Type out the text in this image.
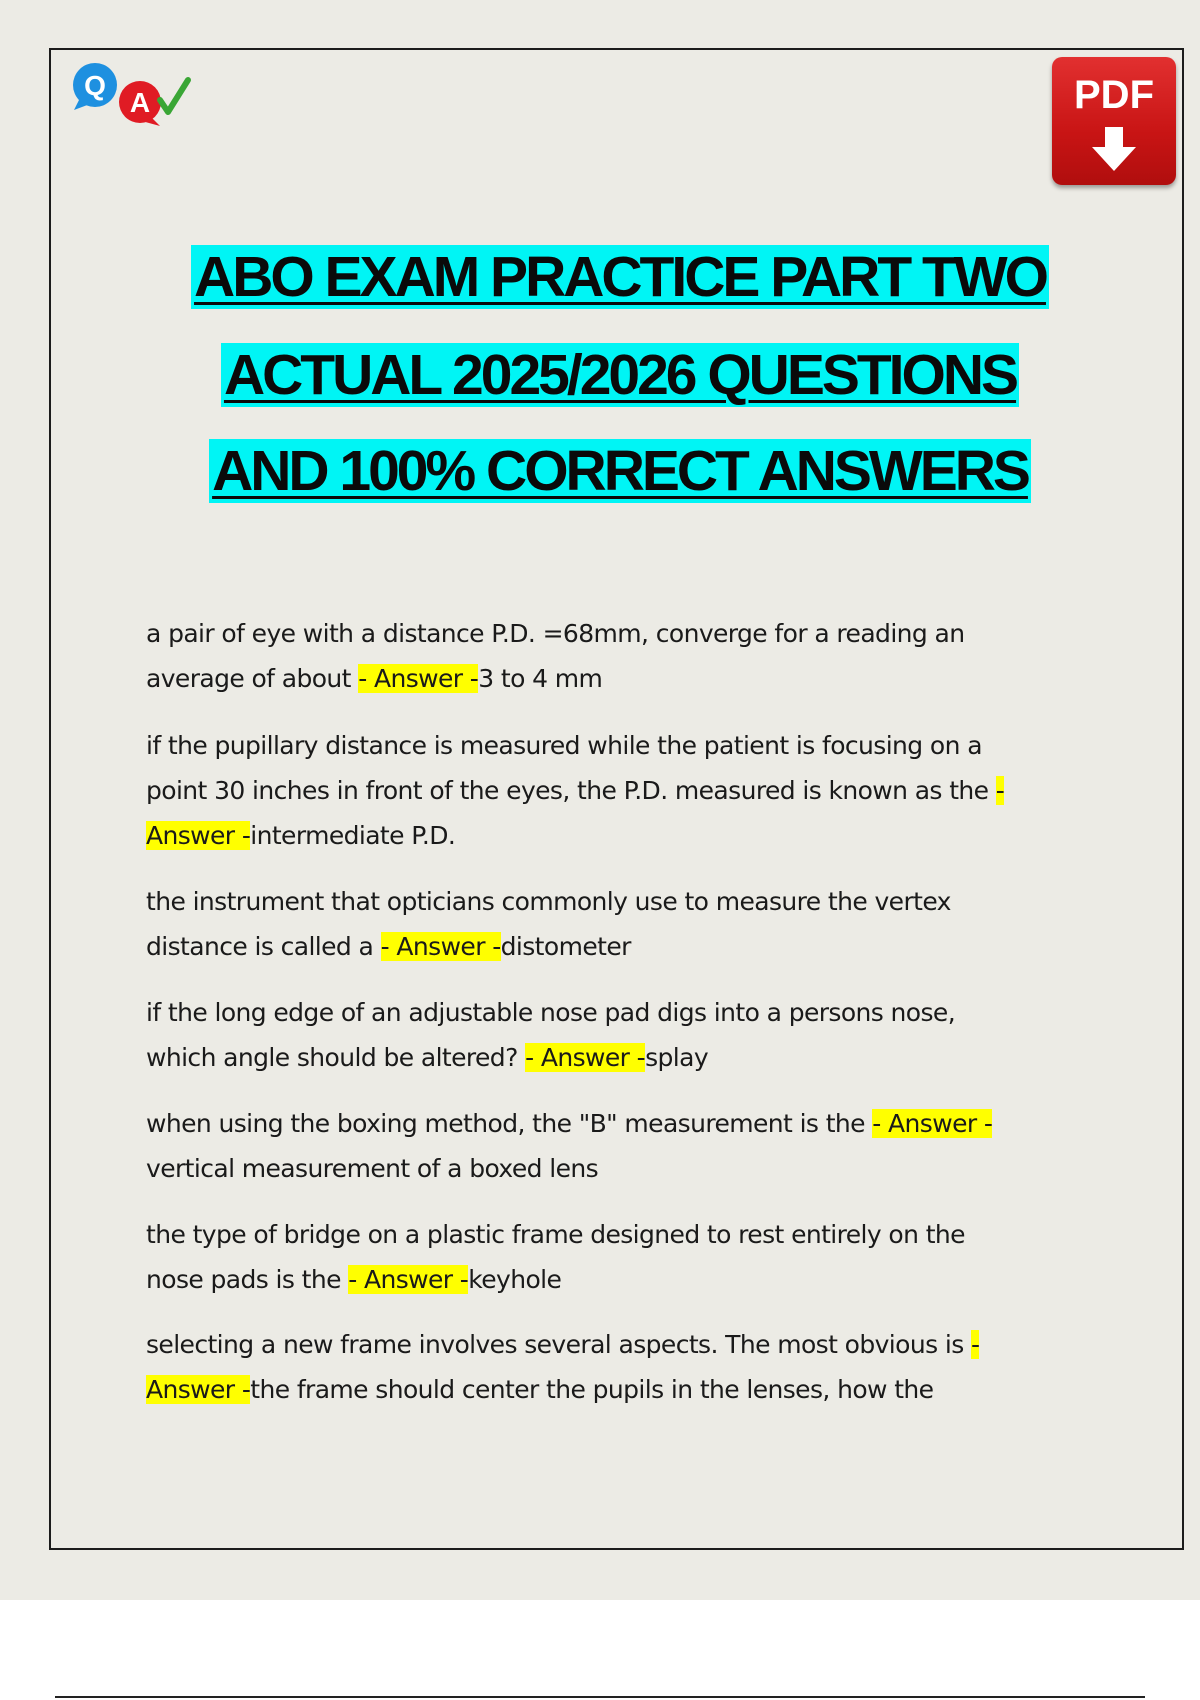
Q
A	PDF
ABO EXAM PRACTICE PART TWO
ACTUAL 2025/2026 QUESTIONS
AND 100% CORRECT ANSWERS
a pair of eye with a distance P.D. =68mm, converge for a reading an
average of about - Answer -3 to 4 mm
if the pupillary distance is measured while the patient is focusing on a
point 30 inches in front of the eyes, the P.D. measured is known as the -
Answer -intermediate P.D.
the instrument that opticians commonly use to measure the vertex
distance is called a - Answer -distometer
if the long edge of an adjustable nose pad digs into a persons nose,
which angle should be altered? - Answer -splay
when using the boxing method, the "B" measurement is the - Answer -
vertical measurement of a boxed lens
the type of bridge on a plastic frame designed to rest entirely on the
nose pads is the - Answer -keyhole
selecting a new frame involves several aspects. The most obvious is -
Answer -the frame should center the pupils in the lenses, how the
